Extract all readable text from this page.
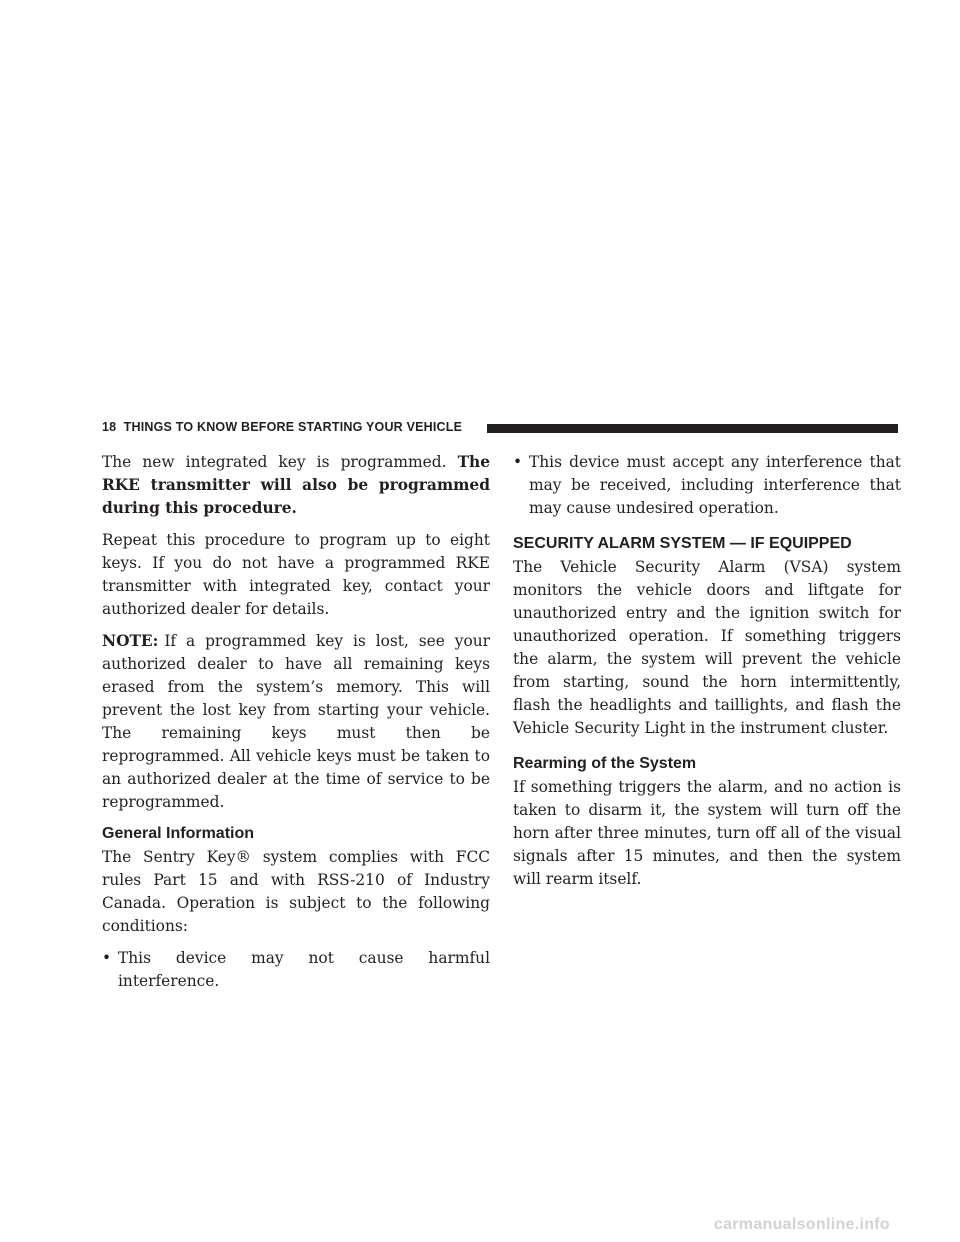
18 THINGS TO KNOW BEFORE STARTING YOUR VEHICLE

The new integrated key is programmed. The RKE transmitter will also be programmed during this procedure.

Repeat this procedure to program up to eight keys. If you do not have a programmed RKE transmitter with integrated key, contact your authorized dealer for details.

NOTE: If a programmed key is lost, see your authorized dealer to have all remaining keys erased from the system’s memory. This will prevent the lost key from starting your vehicle. The remaining keys must then be reprogrammed. All vehicle keys must be taken to an authorized dealer at the time of service to be reprogrammed.

General Information

The Sentry Key® system complies with FCC rules Part 15 and with RSS-210 of Industry Canada. Operation is subject to the following conditions:

• This device may not cause harmful interference.
• This device must accept any interference that may be received, including interference that may cause undesired operation.
SECURITY ALARM SYSTEM — IF EQUIPPED

The Vehicle Security Alarm (VSA) system monitors the vehicle doors and liftgate for unauthorized entry and the ignition switch for unauthorized operation. If something triggers the alarm, the system will prevent the vehicle from starting, sound the horn intermittently, flash the headlights and taillights, and flash the Vehicle Security Light in the instrument cluster.

Rearming of the System

If something triggers the alarm, and no action is taken to disarm it, the system will turn off the horn after three minutes, turn off all of the visual signals after 15 minutes, and then the system will rearm itself.

carmanualsonline.info
